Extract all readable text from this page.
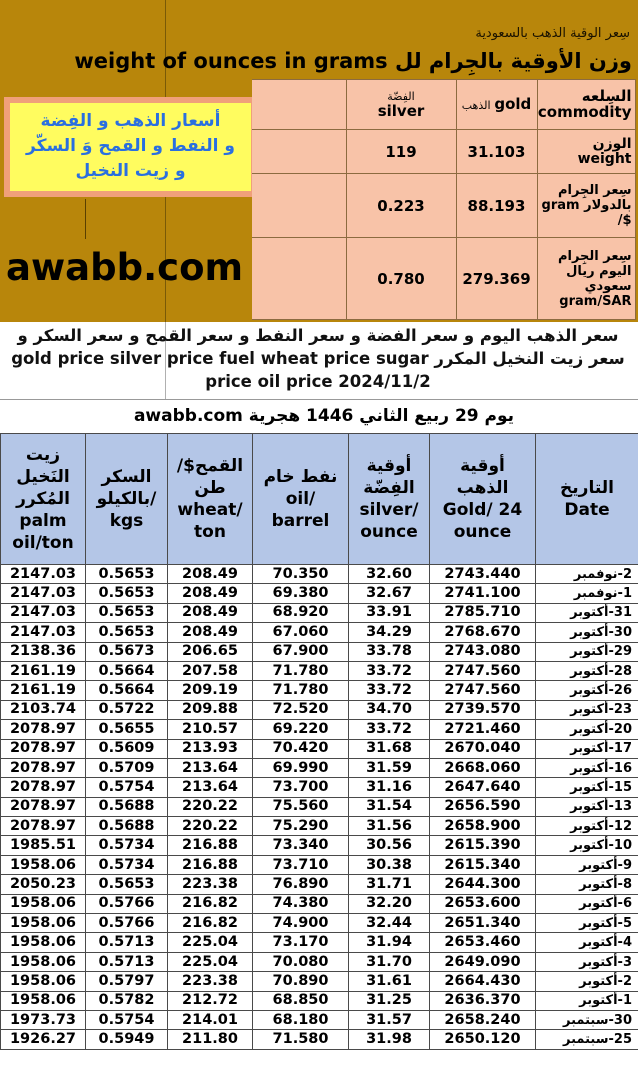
سِعر الوقية الذهب بالسعودية
وزن الأوقية بالجِرام لل weight of ounces in grams
أسعار الذهب و الفِضة
و النفط و القمح وَ السكّر
و زيت النخيل
awabb.com

	الفِضّة
silver	gold الذهب	السِلعه commodity
	119	31.103	الوزن weight
	0.223	88.193	سِعر الجِرام بالدولار gram $/
	0.780	279.369	سِعر الجِرام اليوم ريال سعودي gram/SAR
سعر الذهب اليوم و سعر الفضة و سعر النفط و سعر القمح و سعر السكر و سعر زيت النخيل المكرر gold price silver price fuel wheat price sugar price oil price 2024/11/2
يوم 29 ربيع الثاني 1446 هجرية awabb.com
زيت النَخيل المُكرر palm oil/ton	السكر بالكيلو/ kgs	القمح$/ طن wheat/ ton	نفط خام oil/ barrel	أوقية الفِضّة silver/ ounce	أوقية الذهب Gold/ 24 ounce	التاريخ Date
2147.03	0.5653	208.49	70.350	32.60	2743.440	2-نوفمبر
2147.03	0.5653	208.49	69.380	32.67	2741.100	1-نوفمبر
2147.03	0.5653	208.49	68.920	33.91	2785.710	31-أكتوبر
2147.03	0.5653	208.49	67.060	34.29	2768.670	30-أكتوبر
2138.36	0.5673	206.65	67.900	33.78	2743.080	29-أكتوبر
2161.19	0.5664	207.58	71.780	33.72	2747.560	28-أكتوبر
2161.19	0.5664	209.19	71.780	33.72	2747.560	26-أكتوبر
2103.74	0.5722	209.88	72.520	34.70	2739.570	23-أكتوبر
2078.97	0.5655	210.57	69.220	33.72	2721.460	20-أكتوبر
2078.97	0.5609	213.93	70.420	31.68	2670.040	17-أكتوبر
2078.97	0.5709	213.64	69.990	31.59	2668.060	16-أكتوبر
2078.97	0.5754	213.64	73.700	31.16	2647.640	15-أكتوبر
2078.97	0.5688	220.22	75.560	31.54	2656.590	13-أكتوبر
2078.97	0.5688	220.22	75.290	31.56	2658.900	12-أكتوبر
1985.51	0.5734	216.88	73.340	30.56	2615.390	10-أكتوبر
1958.06	0.5734	216.88	73.710	30.38	2615.340	9-أكتوبر
2050.23	0.5653	223.38	76.890	31.71	2644.300	8-أكتوبر
1958.06	0.5766	216.82	74.380	32.20	2653.600	6-أكتوبر
1958.06	0.5766	216.82	74.900	32.44	2651.340	5-أكتوبر
1958.06	0.5713	225.04	73.170	31.94	2653.460	4-أكتوبر
1958.06	0.5713	225.04	70.080	31.70	2649.090	3-أكتوبر
1958.06	0.5797	223.38	70.890	31.61	2664.430	2-أكتوبر
1958.06	0.5782	212.72	68.850	31.25	2636.370	1-أكتوبر
1973.73	0.5754	214.01	68.180	31.57	2658.240	30-سبتمبر
1926.27	0.5949	211.80	71.580	31.98	2650.120	25-سبتمبر
